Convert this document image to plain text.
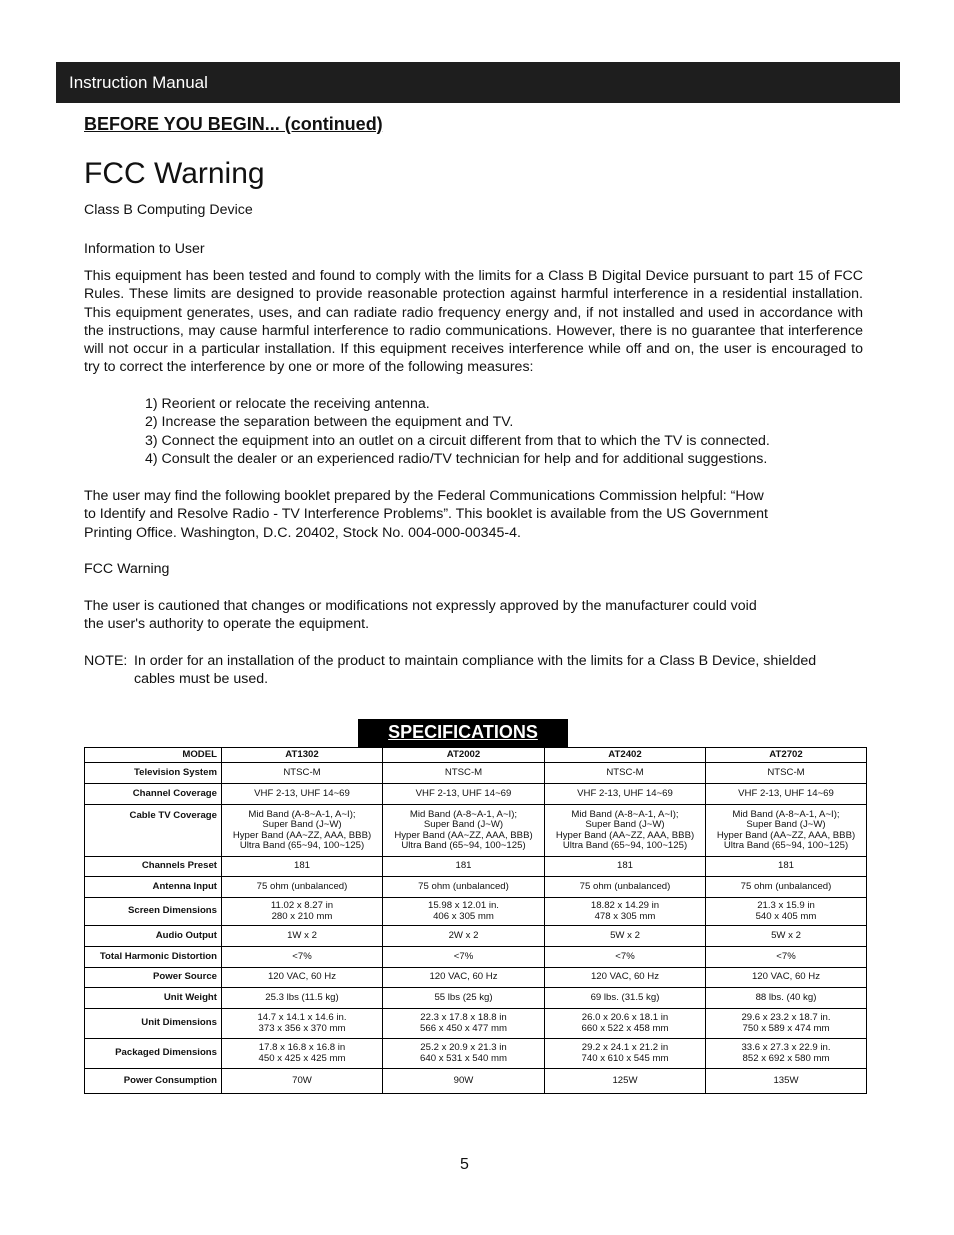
Instruction Manual
BEFORE YOU BEGIN... (continued)
FCC Warning
Class B Computing Device
Information to User
This equipment has been tested and found to comply with the limits for a Class B Digital Device pursuant to part 15 of FCC Rules. These limits are designed to provide reasonable protection against harmful interference in a residential installation. This equipment generates, uses, and can radiate radio frequency energy and, if not installed and used in accordance with the instructions, may cause harmful interference to radio communications. However, there is no guarantee that interference will not occur in a particular installation. If this equipment receives interference while off and on, the user is encouraged to try to correct the interference by one or more of the following measures:
1) Reorient or relocate the receiving antenna.
2) Increase the separation between the equipment and TV.
3) Connect the equipment into an outlet on a circuit different from that to which the TV is connected.
4) Consult the dealer or an experienced radio/TV technician for help and for additional suggestions.
The user may find the following booklet prepared by the Federal Communications Commission helpful: “How
to Identify and Resolve Radio - TV Interference Problems”. This booklet is available from the US Government
Printing Office. Washington, D.C. 20402, Stock No. 004-000-00345-4.
FCC Warning
The user is cautioned that changes or modifications not expressly approved by the manufacturer could void
the user's authority to operate the equipment.
NOTE: In order for an installation of the product to maintain compliance with the limits for a Class B Device, shielded
cables must be used.
SPECIFICATIONS
MODEL	AT1302	AT2002	AT2402	AT2702
Television System	NTSC-M	NTSC-M	NTSC-M	NTSC-M
Channel Coverage	VHF 2-13, UHF 14~69	VHF 2-13, UHF 14~69	VHF 2-13, UHF 14~69	VHF 2-13, UHF 14~69
Cable TV Coverage	Mid Band (A-8~A-1, A~I);
Super Band (J~W)
Hyper Band (AA~ZZ, AAA, BBB)
Ultra Band (65~94, 100~125)	Mid Band (A-8~A-1, A~I);
Super Band (J~W)
Hyper Band (AA~ZZ, AAA, BBB)
Ultra Band (65~94, 100~125)	Mid Band (A-8~A-1, A~I);
Super Band (J~W)
Hyper Band (AA~ZZ, AAA, BBB)
Ultra Band (65~94, 100~125)	Mid Band (A-8~A-1, A~I);
Super Band (J~W)
Hyper Band (AA~ZZ, AAA, BBB)
Ultra Band (65~94, 100~125)
Channels Preset	181	181	181	181
Antenna Input	75 ohm (unbalanced)	75 ohm (unbalanced)	75 ohm (unbalanced)	75 ohm (unbalanced)
Screen Dimensions	11.02 x 8.27 in
280 x 210 mm	15.98 x 12.01 in.
406 x 305 mm	18.82 x 14.29 in
478 x 305 mm	21.3 x 15.9 in
540 x 405 mm
Audio Output	1W x 2	2W x 2	5W x 2	5W x 2
Total Harmonic Distortion	<7%	<7%	<7%	<7%
Power Source	120 VAC, 60 Hz	120 VAC, 60 Hz	120 VAC, 60 Hz	120 VAC, 60 Hz
Unit Weight	25.3 lbs (11.5 kg)	55 lbs (25 kg)	69 lbs. (31.5 kg)	88 lbs. (40 kg)
Unit Dimensions	14.7 x 14.1 x 14.6 in.
373 x 356 x 370 mm	22.3 x 17.8 x 18.8 in
566 x 450 x 477 mm	26.0 x 20.6 x 18.1 in
660 x 522 x 458 mm	29.6 x 23.2 x 18.7 in.
750 x 589 x 474 mm
Packaged Dimensions	17.8 x 16.8 x 16.8 in
450 x 425 x 425 mm	25.2 x 20.9 x 21.3 in
640 x 531 x 540 mm	29.2 x 24.1 x 21.2 in
740 x 610 x 545 mm	33.6 x 27.3 x 22.9 in.
852 x 692 x 580 mm
Power Consumption	70W	90W	125W	135W
5
